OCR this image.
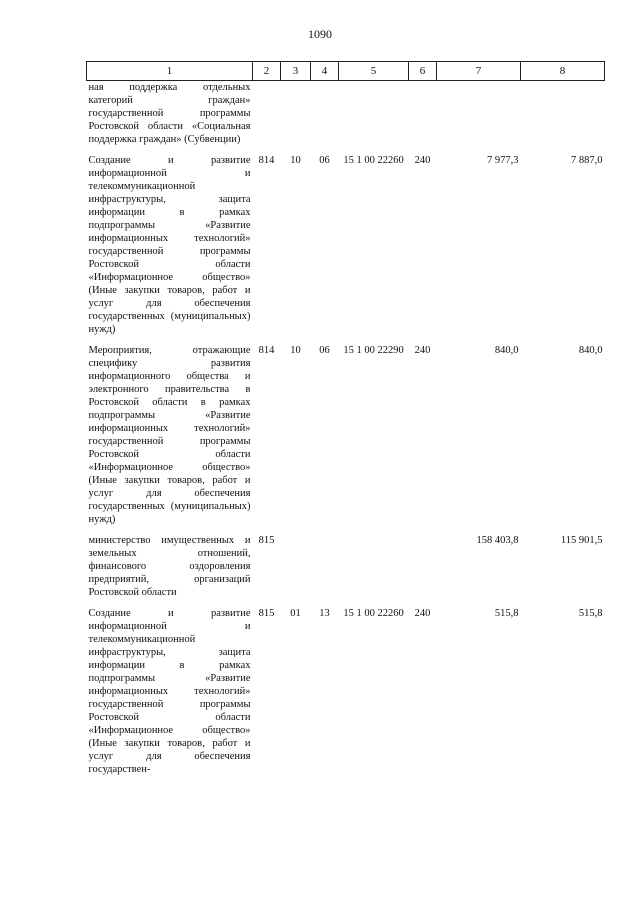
1090
1	2	3	4	5	6	7	8
ная поддержка отдельных категорий граждан» государственной программы Ростовской области «Социальная поддержка граждан» (Субвенции)							
Создание и развитие информационной и телекоммуникационной инфраструктуры, защита информации в рамках подпрограммы «Развитие информационных технологий» государственной программы Ростовской области «Информационное общество» (Иные закупки товаров, работ и услуг для обеспечения государственных (муниципальных) нужд)	814	10	06	15 1 00 22260	240	7 977,3	7 887,0
Мероприятия, отражающие специфику развития информационного общества и электронного правительства в Ростовской области в рамках подпрограммы «Развитие информационных технологий» государственной программы Ростовской области «Информационное общество» (Иные закупки товаров, работ и услуг для обеспечения государственных (муниципальных) нужд)	814	10	06	15 1 00 22290	240	840,0	840,0
министерство имущественных и земельных отношений, финансового оздоровления предприятий, организаций Ростовской области	815					158 403,8	115 901,5
Создание и развитие информационной и телекоммуникационной инфраструктуры, защита информации в рамках подпрограммы «Развитие информационных технологий» государственной программы Ростовской области «Информационное общество» (Иные закупки товаров, работ и услуг для обеспечения государствен-	815	01	13	15 1 00 22260	240	515,8	515,8
